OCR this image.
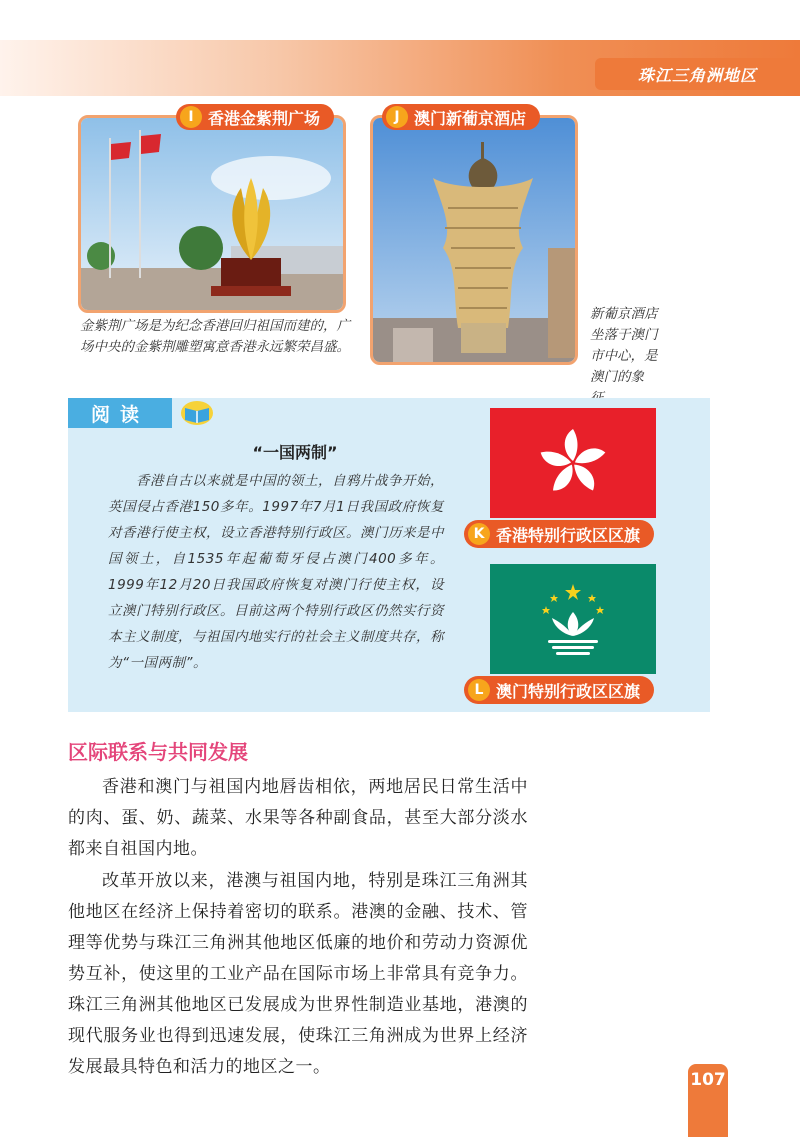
珠江三角洲地区
I 香港金紫荆广场
金紫荆广场是为纪念香港回归祖国而建的，广场中央的金紫荆雕塑寓意香港永远繁荣昌盛。
J 澳门新葡京酒店
新葡京酒店坐落于澳门市中心，是澳门的象
阅读
“一国两制”
香港自古以来就是中国的领土，自鸦片战争开始，英国侵占香港150多年。1997年7月1日我国政府恢复对香港行使主权，设立香港特别行政区。澳门历来是中国领土，自1535年起葡萄牙侵占澳门400多年。1999年12月20日我国政府恢复对澳门行使主权，设立澳门特别行政区。目前这两个特别行政区仍然实行资本主义制度，与祖国内地实行的社会主义制度共存，称为“一国两制”。
K 香港特别行政区区旗
L 澳门特别行政区区旗
区际联系与共同发展
香港和澳门与祖国内地唇齿相依，两地居民日常生活中的肉、蛋、奶、蔬菜、水果等各种副食品，甚至大部分淡水都来自祖国内地。
改革开放以来，港澳与祖国内地，特别是珠江三角洲其他地区在经济上保持着密切的联系。港澳的金融、技术、管理等优势与珠江三角洲其他地区低廉的地价和劳动力资源优势互补，使这里的工业产品在国际市场上非常具有竞争力。珠江三角洲其他地区已发展成为世界性制造业基地，港澳的现代服务业也得到迅速发展，使珠江三角洲成为世界上经济发展最具特色和活力的地区之一。
107
